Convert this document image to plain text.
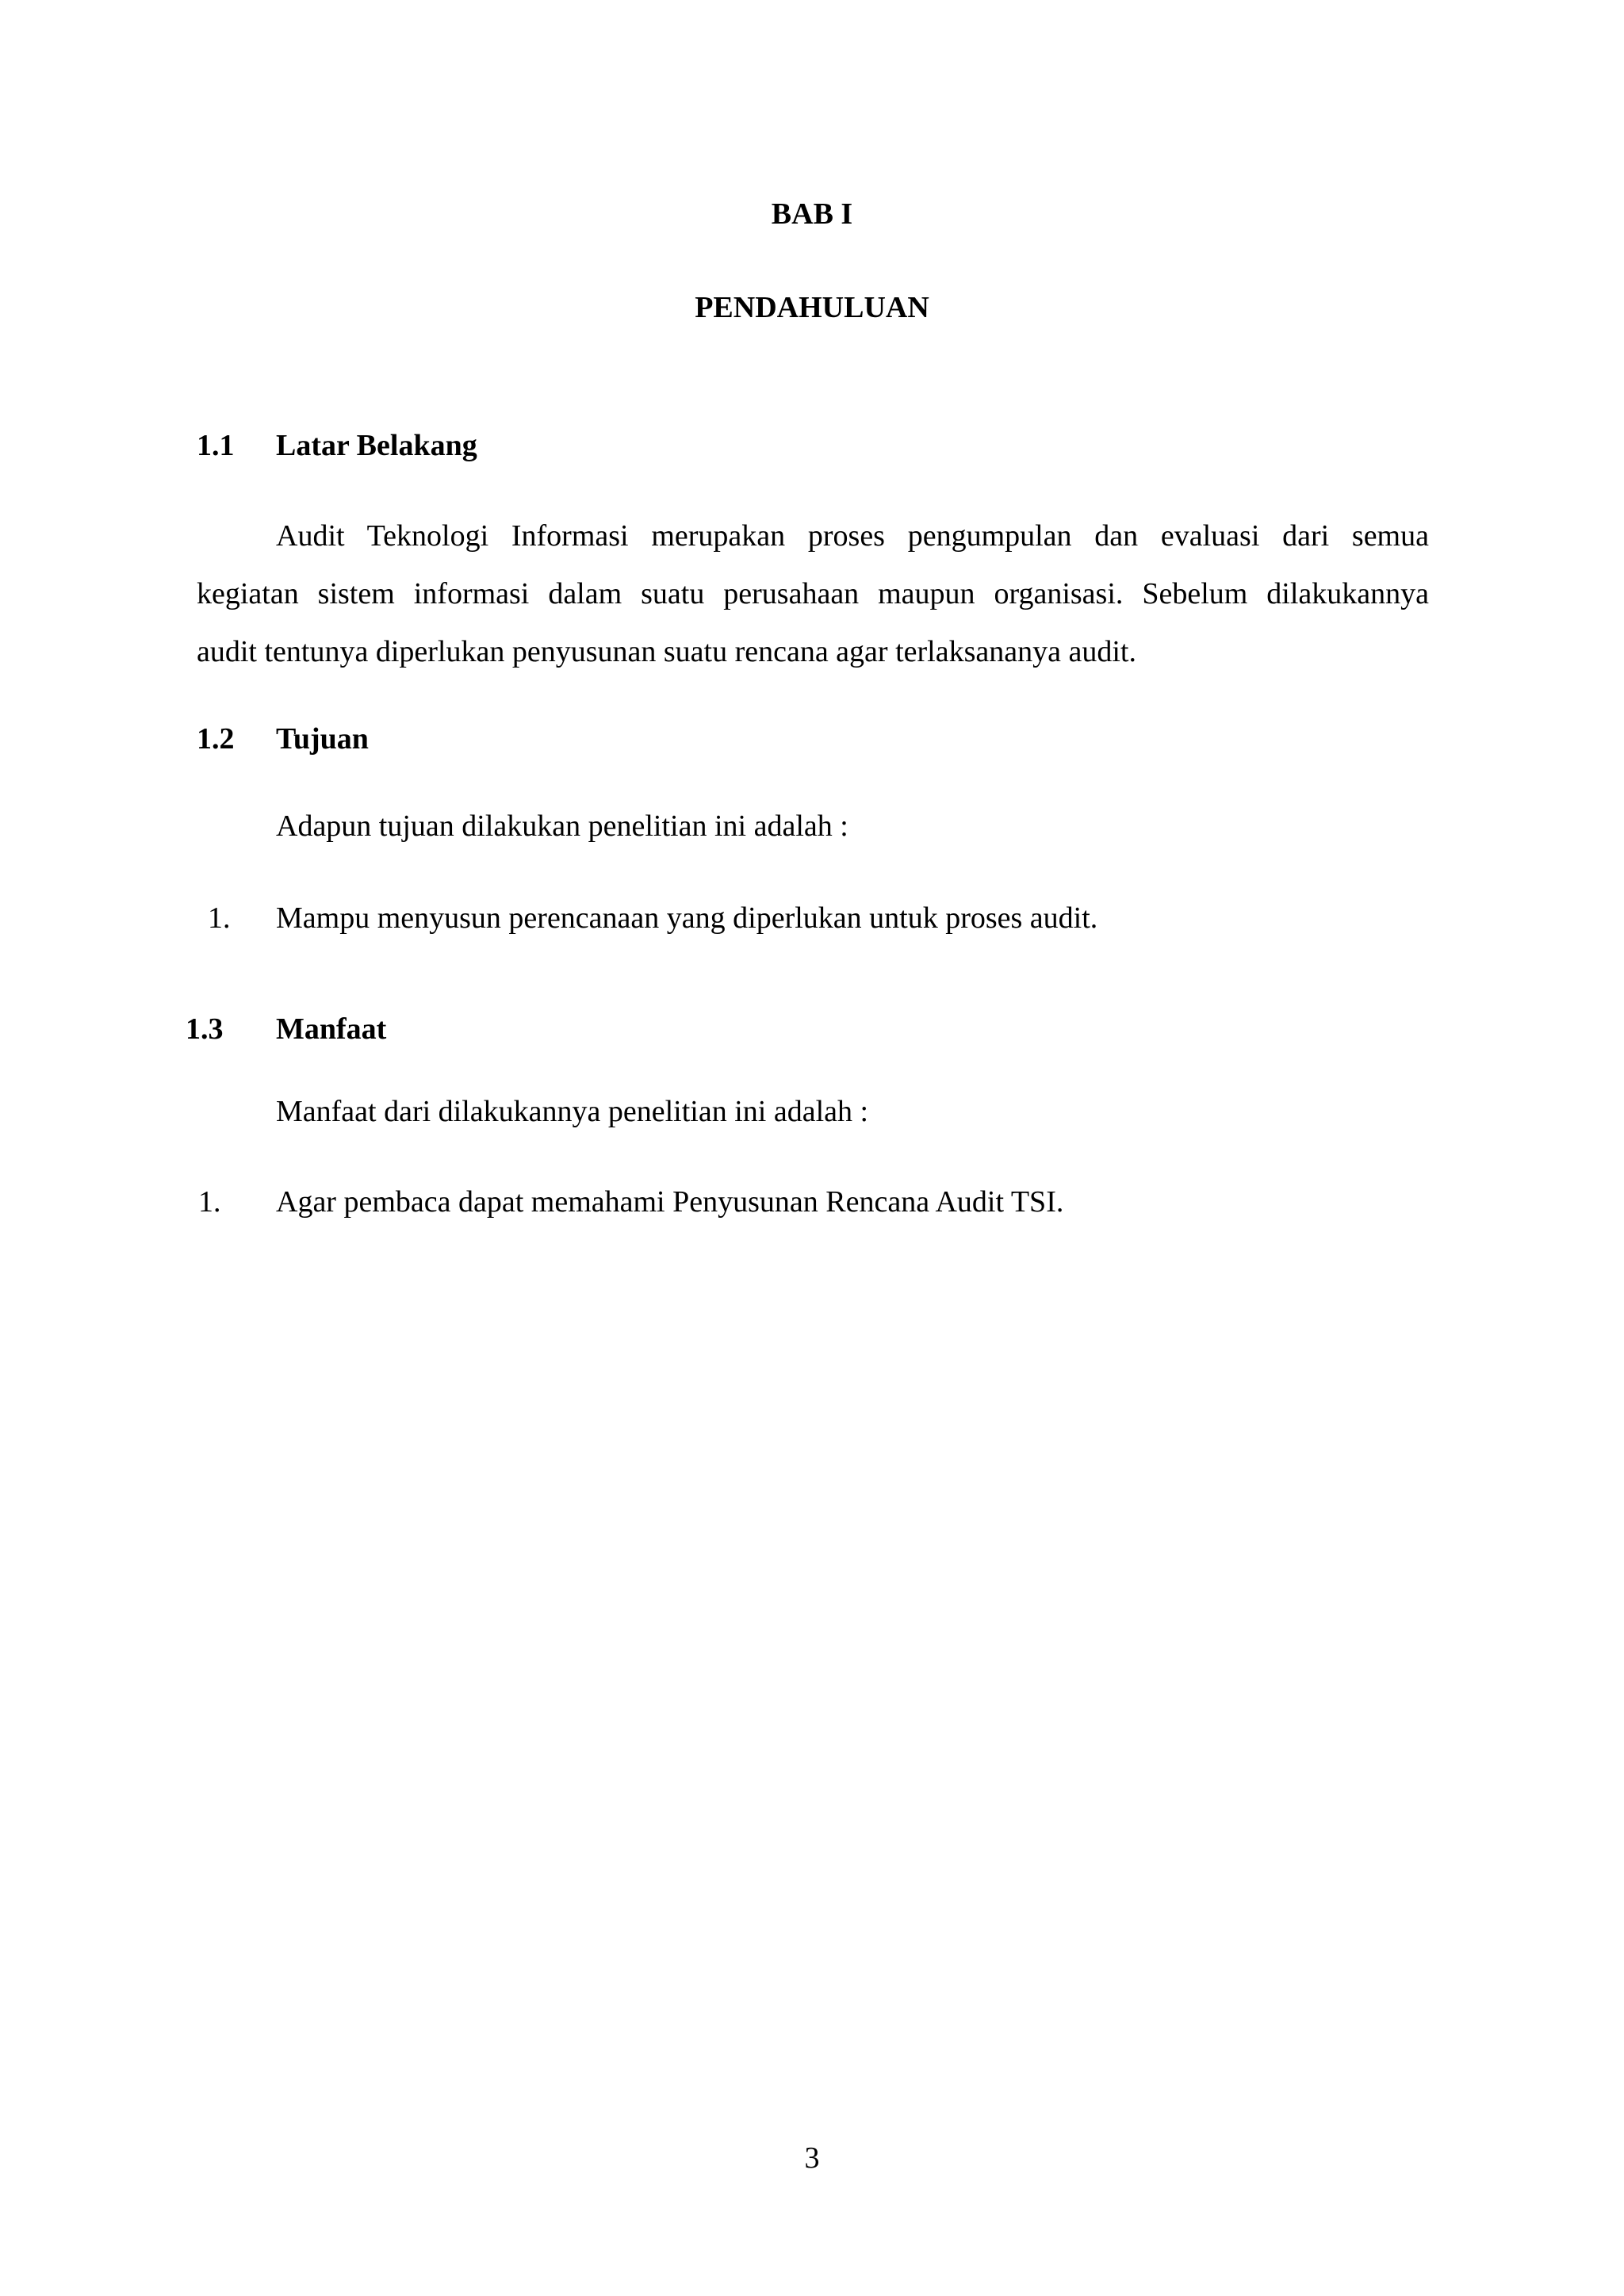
BAB I
PENDAHULUAN
1.1 Latar Belakang
Audit Teknologi Informasi merupakan proses pengumpulan dan evaluasi dari semua
kegiatan sistem informasi dalam suatu perusahaan maupun organisasi. Sebelum dilakukannya
audit tentunya diperlukan penyusunan suatu rencana agar terlaksananya audit.
1.2 Tujuan
Adapun tujuan dilakukan penelitian ini adalah :
1. Mampu menyusun perencanaan yang diperlukan untuk proses audit.
1.3 Manfaat
Manfaat dari dilakukannya penelitian ini adalah :
1. Agar pembaca dapat memahami Penyusunan Rencana Audit TSI.
3
